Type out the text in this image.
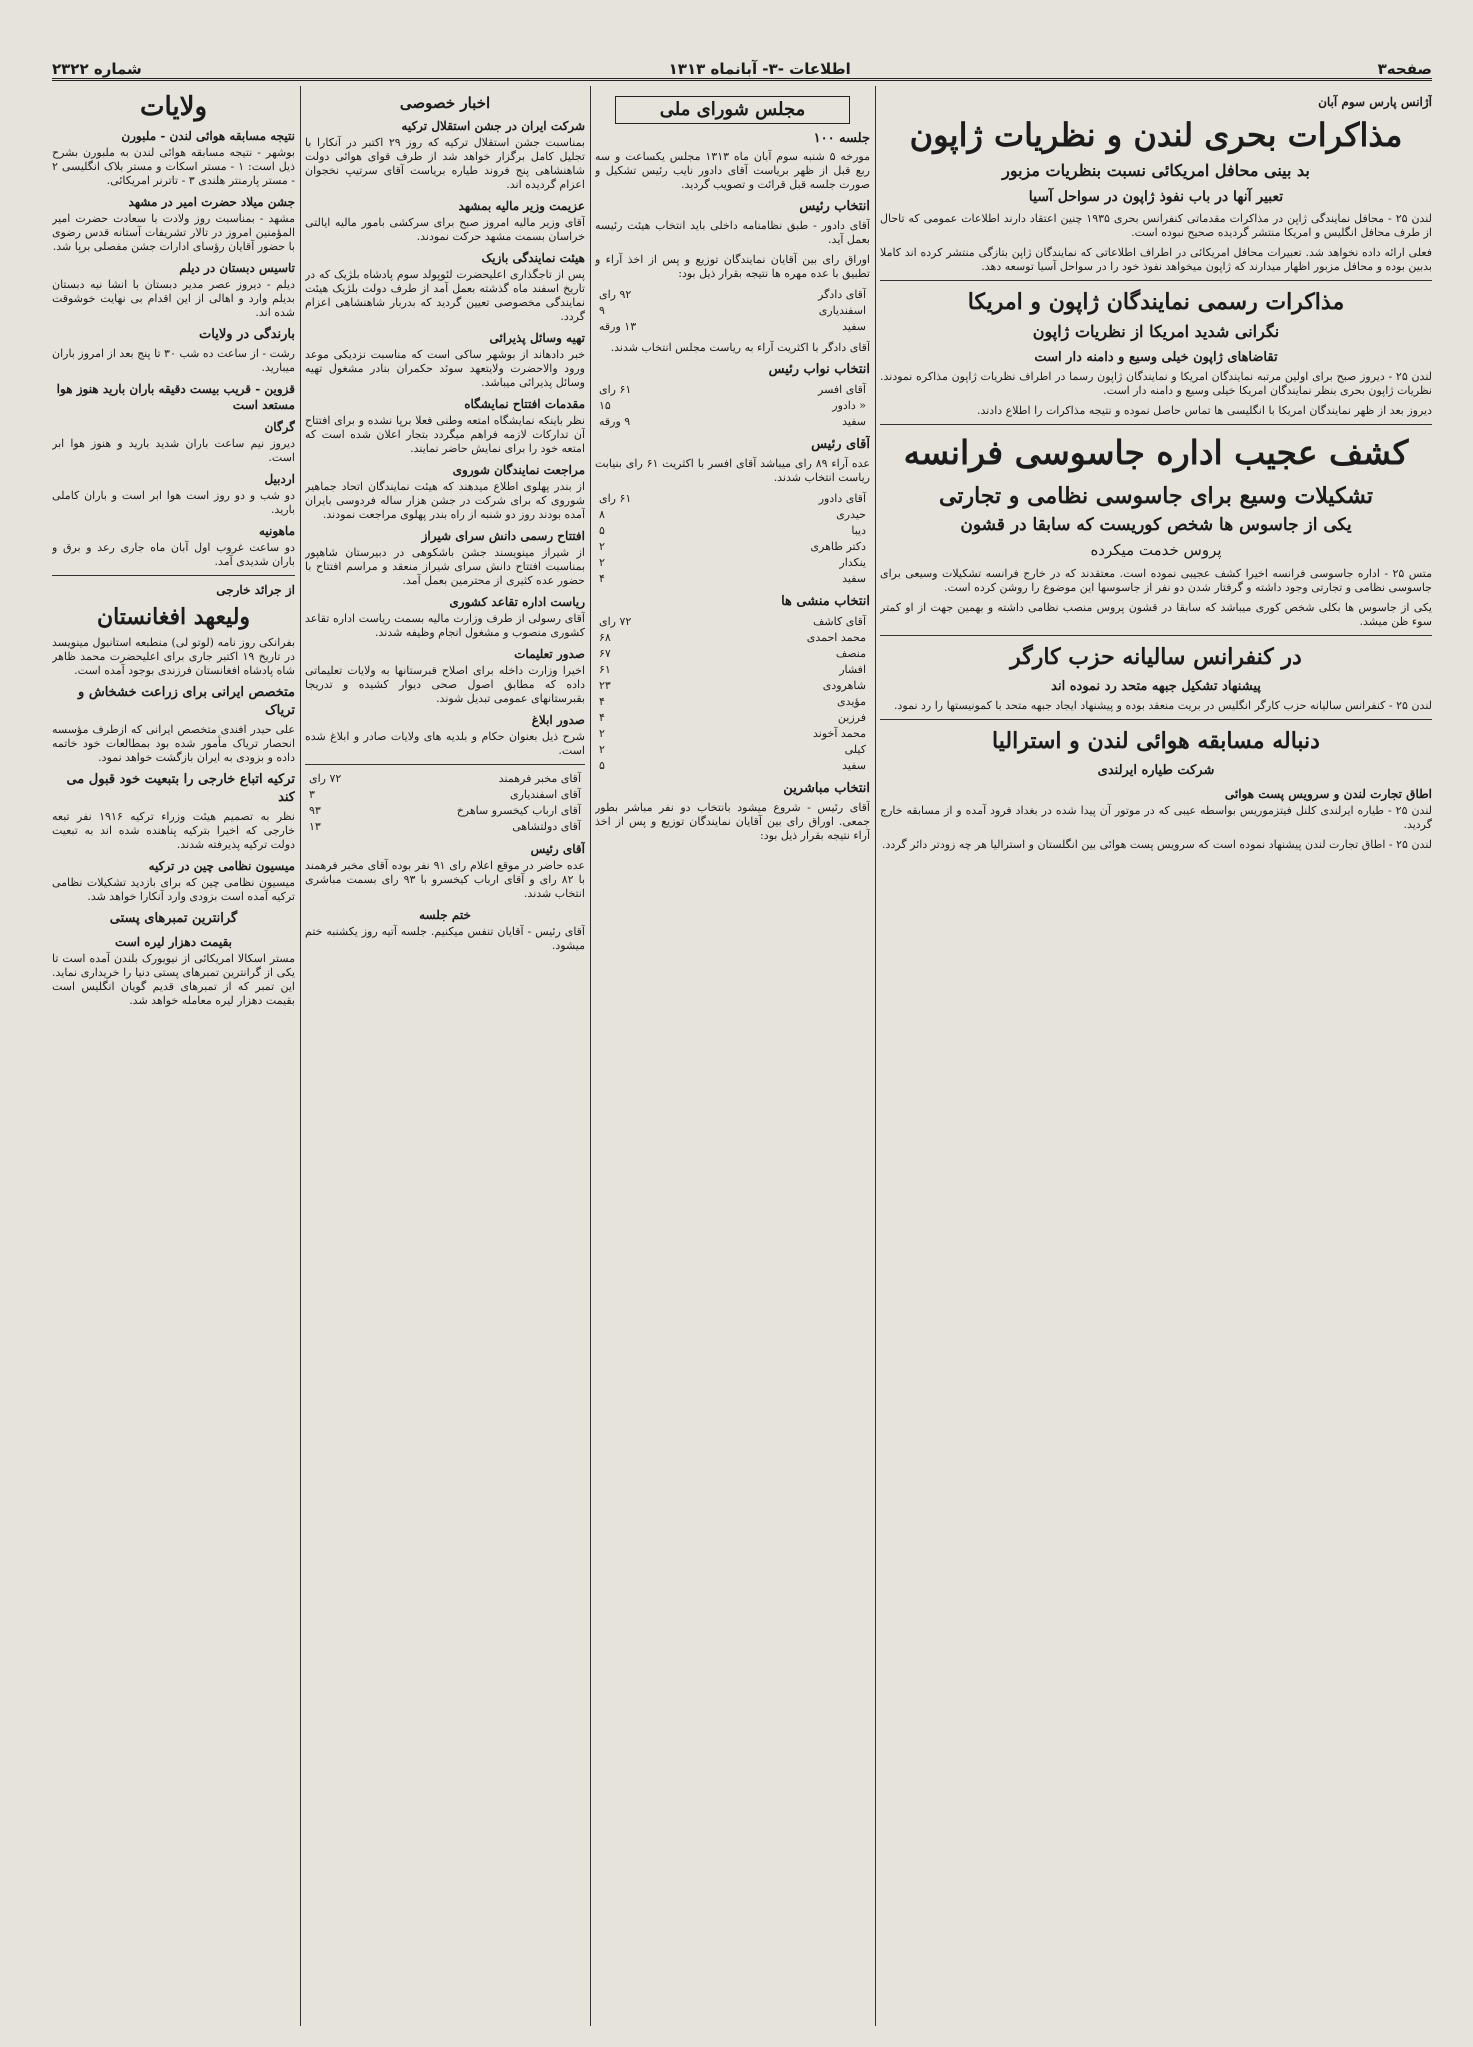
صفحه۳
اطلاعات -۳- آبانماه ۱۳۱۳
شماره ۲۳۲۲
آژانس پارس سوم آبان
مذاکرات بحری لندن و نظریات ژاپون
بد بینی محافل امریکائی نسبت بنظریات مزبور
تعبیر آنها در باب نفوذ ژاپون در سواحل آسیا

لندن ۲۵ - محافل نمایندگی ژاپن در مذاکرات مقدماتی کنفرانس بحری ۱۹۳۵ چنین اعتقاد دارند اطلاعات عمومی که تاحال از طرف محافل انگلیس و امریکا منتشر گردیده صحیح نبوده است.

فعلی ارائه داده نخواهد شد. تعبیرات محافل امریکائی در اطراف اطلاعاتی که نمایندگان ژاپن بتازگی منتشر کرده اند کاملا بدبین بوده و محافل مزبور اظهار میدارند که ژاپون میخواهد نفوذ خود را در سواحل آسیا توسعه دهد.

مذاکرات رسمی نمایندگان ژاپون و امریکا
نگرانی شدید امریکا از نظریات ژاپون
تقاضاهای ژاپون خیلی وسیع و دامنه دار است

لندن ۲۵ - دیروز صبح برای اولین مرتبه نمایندگان امریکا و نمایندگان ژاپون رسما در اطراف نظریات ژاپون مذاکره نمودند. نظریات ژاپون بحری بنظر نمایندگان امریکا خیلی وسیع و دامنه دار است.

دیروز بعد از ظهر نمایندگان امریکا با انگلیسی ها تماس حاصل نموده و نتیجه مذاکرات را اطلاع دادند.

کشف عجیب اداره جاسوسی فرانسه
تشکیلات وسیع برای جاسوسی نظامی و تجارتی
یکی از جاسوس ها شخص کوریست که سابقا در قشون
پروس خدمت میکرده

متس ۲۵ - اداره جاسوسی فرانسه اخیرا کشف عجیبی نموده است. معتقدند که در خارج فرانسه تشکیلات وسیعی برای جاسوسی نظامی و تجارتی وجود داشته و گرفتار شدن دو نفر از جاسوسها این موضوع را روشن کرده است.

یکی از جاسوس ها بکلی شخص کوری میباشد که سابقا در قشون پروس منصب نظامی داشته و بهمین جهت از او کمتر سوء ظن میشد.

در کنفرانس سالیانه حزب کارگر
پیشنهاد تشکیل جبهه متحد رد نموده اند

لندن ۲۵ - کنفرانس سالیانه حزب کارگر انگلیس در بریت منعقد بوده و پیشنهاد ایجاد جبهه متحد با کمونیستها را رد نمود.

دنباله مسابقه هوائی لندن و استرالیا
شرکت طیاره ایرلندی
اطاق تجارت لندن و سرویس پست هوائی

لندن ۲۵ - طیاره ایرلندی کلنل فیتزموریس بواسطه عیبی که در موتور آن پیدا شده در بغداد فرود آمده و از مسابقه خارج گردید.

لندن ۲۵ - اطاق تجارت لندن پیشنهاد نموده است که سرویس پست هوائی بین انگلستان و استرالیا هر چه زودتر دائر گردد.

مجلس شورای ملی
جلسه ۱۰۰

مورخه ۵ شنبه سوم آبان ماه ۱۳۱۳ مجلس یکساعت و سه ربع قبل از ظهر بریاست آقای دادور نایب رئیس تشکیل و صورت جلسه قبل قرائت و تصویب گردید.

انتخاب رئیس

آقای دادور - طبق نظامنامه داخلی باید انتخاب هیئت رئیسه بعمل آید.

اوراق رای بین آقایان نمایندگان توزیع و پس از اخذ آراء و تطبیق با عده مهره ها نتیجه بقرار ذیل بود:

آقای دادگر	۹۲ رای
اسفندیاری	۹
سفید	۱۳ ورقه

آقای دادگر با اکثریت آراء به ریاست مجلس انتخاب شدند.

انتخاب نواب رئیس
آقای افسر	۶۱ رای
« دادور	۱۵
سفید	۹ ورقه
آقای رئیس

عده آراء ۸۹ رای میباشد آقای افسر با اکثریت ۶۱ رای بنیابت ریاست انتخاب شدند.

آقای دادور	۶۱ رای
حیدری	۸
دیبا	۵
دکتر طاهری	۲
ینکدار	۲
سفید	۴
انتخاب منشی ها
آقای کاشف	۷۲ رای
محمد احمدی	۶۸
منصف	۶۷
افشار	۶۱
شاهرودی	۲۳
مؤیدی	۴
فرزین	۴
محمد آخوند	۲
کیلی	۲
سفید	۵
انتخاب مباشرین

آقای رئیس - شروع میشود بانتخاب دو نفر مباشر بطور جمعی. اوراق رای بین آقایان نمایندگان توزیع و پس از اخذ آراء نتیجه بقرار ذیل بود:

اخبار خصوصی
شرکت ایران در جشن استقلال ترکیه

بمناسبت جشن استقلال ترکیه که روز ۲۹ اکتبر در آنکارا با تجلیل کامل برگزار خواهد شد از طرف قوای هوائی دولت شاهنشاهی پنج فروند طیاره بریاست آقای سرتیپ نخجوان اعزام گردیده اند.

عزیمت وزیر مالیه بمشهد

آقای وزیر مالیه امروز صبح برای سرکشی بامور مالیه ایالتی خراسان بسمت مشهد حرکت نمودند.

هیئت نمایندگی بازیک

پس از تاجگذاری اعلیحضرت لئوپولد سوم پادشاه بلژیک که در تاریخ اسفند ماه گذشته بعمل آمد از طرف دولت بلژیک هیئت نمایندگی مخصوصی تعیین گردید که بدربار شاهنشاهی اعزام گردد.

تهیه وسائل پذیرائی

خبر دادهاند از بوشهر ساکی است که مناسبت نزدیکی موعد ورود والاحضرت ولایتعهد سوئد حکمران بنادر مشغول تهیه وسائل پذیرائی میباشد.

مقدمات افتتاح نمایشگاه

نظر باینکه نمایشگاه امتعه وطنی فعلا برپا نشده و برای افتتاح آن تدارکات لازمه فراهم میگردد بتجار اعلان شده است که امتعه خود را برای نمایش حاضر نمایند.

مراجعت نمایندگان شوروی

از بندر پهلوی اطلاع میدهند که هیئت نمایندگان اتحاد جماهیر شوروی که برای شرکت در جشن هزار ساله فردوسی بایران آمده بودند روز دو شنبه از راه بندر پهلوی مراجعت نمودند.

افتتاح رسمی دانش سرای شیراز

از شیراز مینویسند جشن باشکوهی در دبیرستان شاهپور بمناسبت افتتاح دانش سرای شیراز منعقد و مراسم افتتاح با حضور عده کثیری از محترمین بعمل آمد.

ریاست اداره تقاعد کشوری

آقای رسولی از طرف وزارت مالیه بسمت ریاست اداره تقاعد کشوری منصوب و مشغول انجام وظیفه شدند.

صدور تعلیمات

اخیرا وزارت داخله برای اصلاح قبرستانها به ولایات تعلیماتی داده که مطابق اصول صحی دیوار کشیده و تدریجا بقبرستانهای عمومی تبدیل شوند.

صدور ابلاغ

شرح ذیل بعنوان حکام و بلدیه های ولایات صادر و ابلاغ شده است.

آقای مخبر فرهمند	۷۲ رای
آقای اسفندیاری	۳
آقای ارباب کیخسرو ساهرخ	۹۳
آقای دولتشاهی	۱۳
آقای رئیس

عده حاضر در موقع اعلام رای ۹۱ نفر بوده آقای مخبر فرهمند با ۸۲ رای و آقای ارباب کیخسرو با ۹۳ رای بسمت مباشری انتخاب شدند.

ختم جلسه

آقای رئیس - آقایان تنفس میکنیم. جلسه آتیه روز یکشنبه ختم میشود.

ولایات
نتیجه مسابقه هوائی لندن - ملبورن

بوشهر - نتیجه مسابقه هوائی لندن به ملبورن بشرح ذیل است: ۱ - مستر اسکات و مستر بلاک انگلیسی ۲ - مستر پارمنتر هلندی ۳ - تاترنر امریکائی.

جشن میلاد حضرت امیر در مشهد

مشهد - بمناسبت روز ولادت با سعادت حضرت امیر المؤمنین امروز در تالار تشریفات آستانه قدس رضوی با حضور آقایان رؤسای ادارات جشن مفصلی برپا شد.

تاسیس دبستان در دیلم

دیلم - دیروز عصر مدیر دبستان با انشا نیه دبستان بدیلم وارد و اهالی از این اقدام بی نهایت خوشوقت شده اند.

بارندگی در ولایات

رشت - از ساعت ده شب ۳۰ تا پنج بعد از امروز باران میبارید.

قزوین - قریب بیست دقیقه باران بارید هنوز هوا مستعد است
گرگان

دیروز نیم ساعت باران شدید بارید و هنوز هوا ابر است.

اردبیل

دو شب و دو روز است هوا ابر است و باران کاملی بارید.

ماهونیه

دو ساعت غروب اول آبان ماه جاری رعد و برق و باران شدیدی آمد.

از جرائد خارجی
ولیعهد افغانستان

بفرانکی روز نامه (لوتو لی) منطبعه استانبول مینویسد در تاریخ ۱۹ اکتبر جاری برای اعلیحضرت محمد ظاهر شاه پادشاه افغانستان فرزندی بوجود آمده است.

متخصص ایرانی برای زراعت خشخاش و تریاک

علی حیدر افندی متخصص ایرانی که ازطرف مؤسسه انحصار تریاک مأمور شده بود بمطالعات خود خاتمه داده و بزودی به ایران بازگشت خواهد نمود.

ترکیه اتباع خارجی را بتبعیت خود قبول می کند

نظر به تصمیم هیئت وزراء ترکیه ۱۹۱۶ نفر تبعه خارجی که اخیرا بترکیه پناهنده شده اند به تبعیت دولت ترکیه پذیرفته شدند.

میسیون نظامی چین در ترکیه

میسیون نظامی چین که برای بازدید تشکیلات نظامی ترکیه آمده است بزودی وارد آنکارا خواهد شد.

گرانترین تمبرهای پستی
بقیمت دهزار لیره است

مستر اسکالا امریکائی از نیویورک بلندن آمده است تا یکی از گرانترین تمبرهای پستی دنیا را خریداری نماید. این تمبر که از تمبرهای قدیم گویان انگلیس است بقیمت دهزار لیره معامله خواهد شد.
